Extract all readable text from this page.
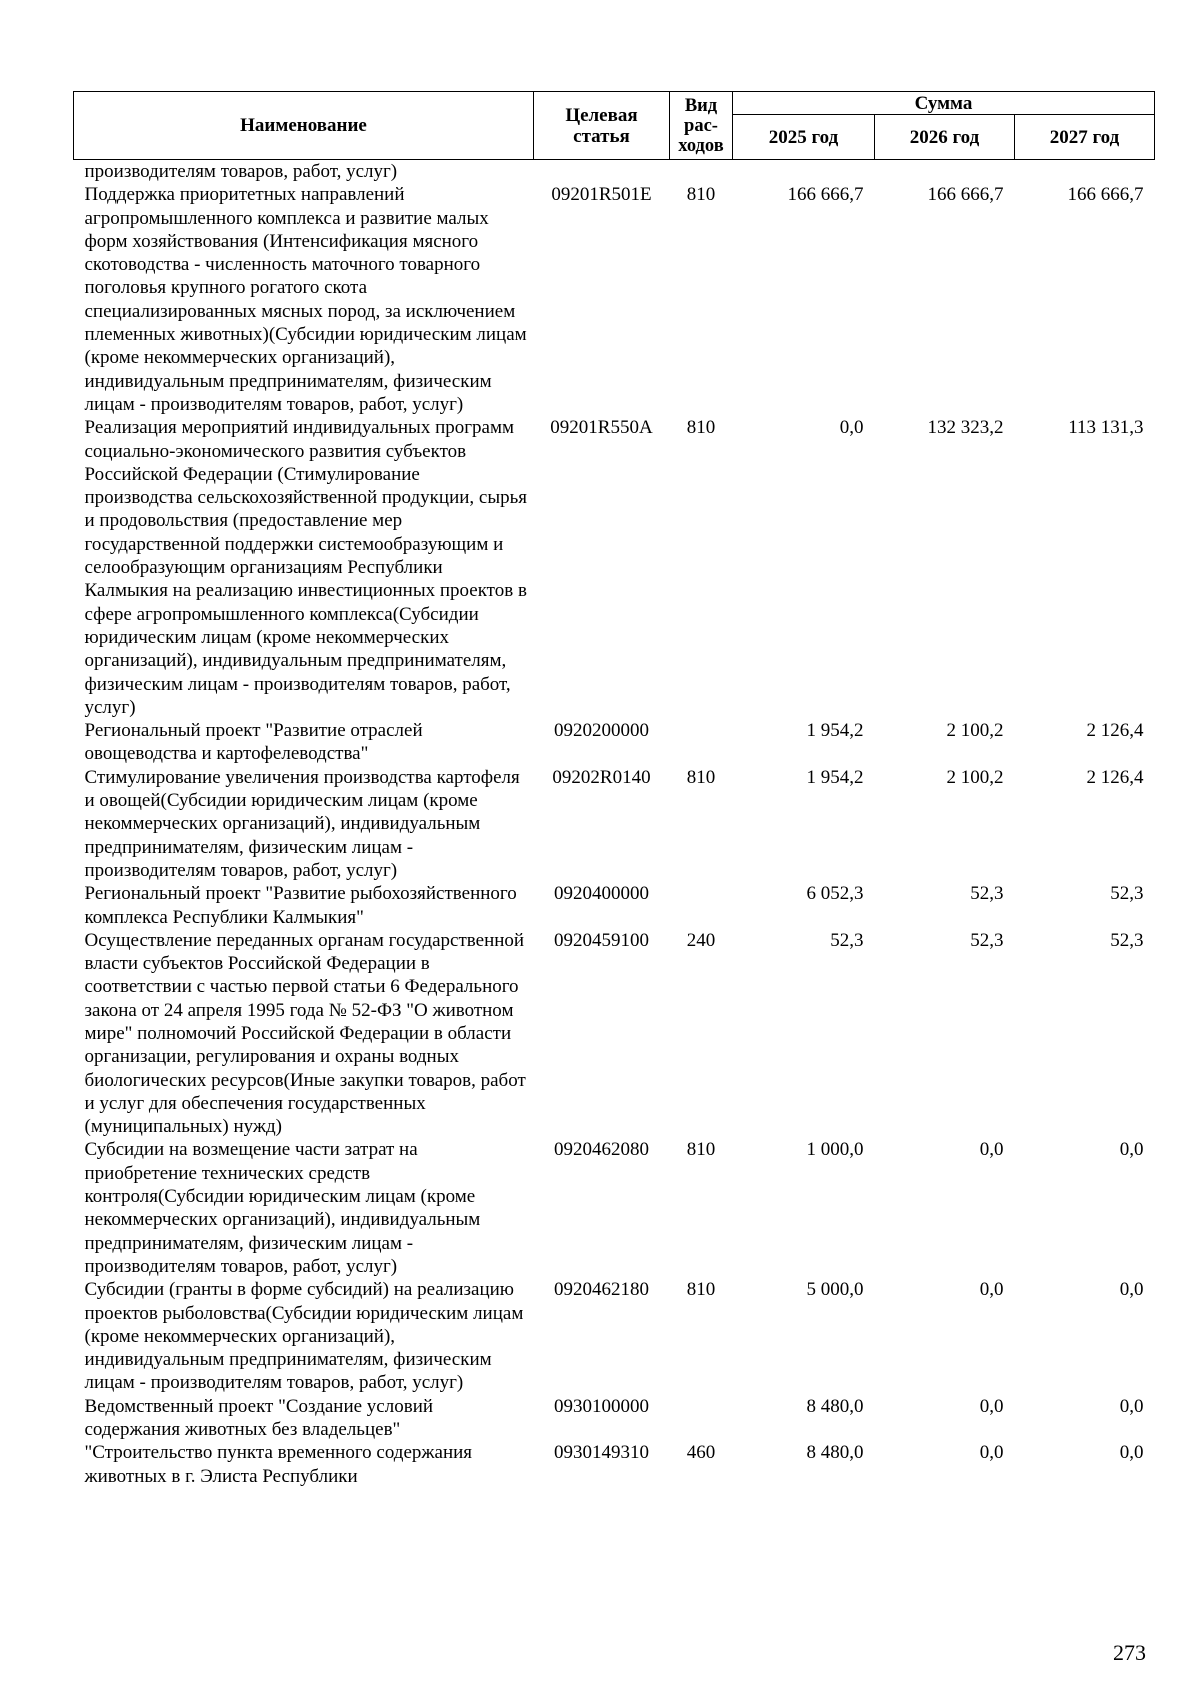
Наименование	Целевая статья	Вид рас-ходов	Сумма		
			2025 год	2026 год	2027 год
производителям товаров, работ, услуг)					
Поддержка приоритетных направлений агропромышленного комплекса и развитие малых форм хозяйствования (Интенсификация мясного скотоводства - численность маточного товарного поголовья крупного рогатого скота специализированных мясных пород, за исключением племенных животных)(Субсидии юридическим лицам (кроме некоммерческих организаций), индивидуальным предпринимателям, физическим лицам - производителям товаров, работ, услуг)	09201R501E	810	166 666,7	166 666,7	166 666,7
Реализация мероприятий индивидуальных программ социально-экономического развития субъектов Российской Федерации (Стимулирование производства сельскохозяйственной продукции, сырья и продовольствия (предоставление мер государственной поддержки системообразующим и селообразующим организациям Республики Калмыкия на реализацию инвестиционных проектов в сфере агропромышленного комплекса(Субсидии юридическим лицам (кроме некоммерческих организаций), индивидуальным предпринимателям, физическим лицам - производителям товаров, работ, услуг)	09201R550A	810	0,0	132 323,2	113 131,3
Региональный проект "Развитие отраслей овощеводства и картофелеводства"	0920200000		1 954,2	2 100,2	2 126,4
Стимулирование увеличения производства картофеля и овощей(Субсидии юридическим лицам (кроме некоммерческих организаций), индивидуальным предпринимателям, физическим лицам - производителям товаров, работ, услуг)	09202R0140	810	1 954,2	2 100,2	2 126,4
Региональный проект "Развитие рыбохозяйственного комплекса Республики Калмыкия"	0920400000		6 052,3	52,3	52,3
Осуществление переданных органам государственной власти субъектов Российской Федерации в соответствии с частью первой статьи 6 Федерального закона от 24 апреля 1995 года № 52-ФЗ "О животном мире" полномочий Российской Федерации в области организации, регулирования и охраны водных биологических ресурсов(Иные закупки товаров, работ и услуг для обеспечения государственных (муниципальных) нужд)	0920459100	240	52,3	52,3	52,3
Субсидии на возмещение части затрат на приобретение технических средств контроля(Субсидии юридическим лицам (кроме некоммерческих организаций), индивидуальным предпринимателям, физическим лицам - производителям товаров, работ, услуг)	0920462080	810	1 000,0	0,0	0,0
Субсидии (гранты в форме субсидий) на реализацию проектов рыболовства(Субсидии юридическим лицам (кроме некоммерческих организаций), индивидуальным предпринимателям, физическим лицам - производителям товаров, работ, услуг)	0920462180	810	5 000,0	0,0	0,0
Ведомственный проект "Создание условий содержания животных без владельцев"	0930100000		8 480,0	0,0	0,0
"Строительство пункта временного содержания животных в г. Элиста Республики	0930149310	460	8 480,0	0,0	0,0
273
